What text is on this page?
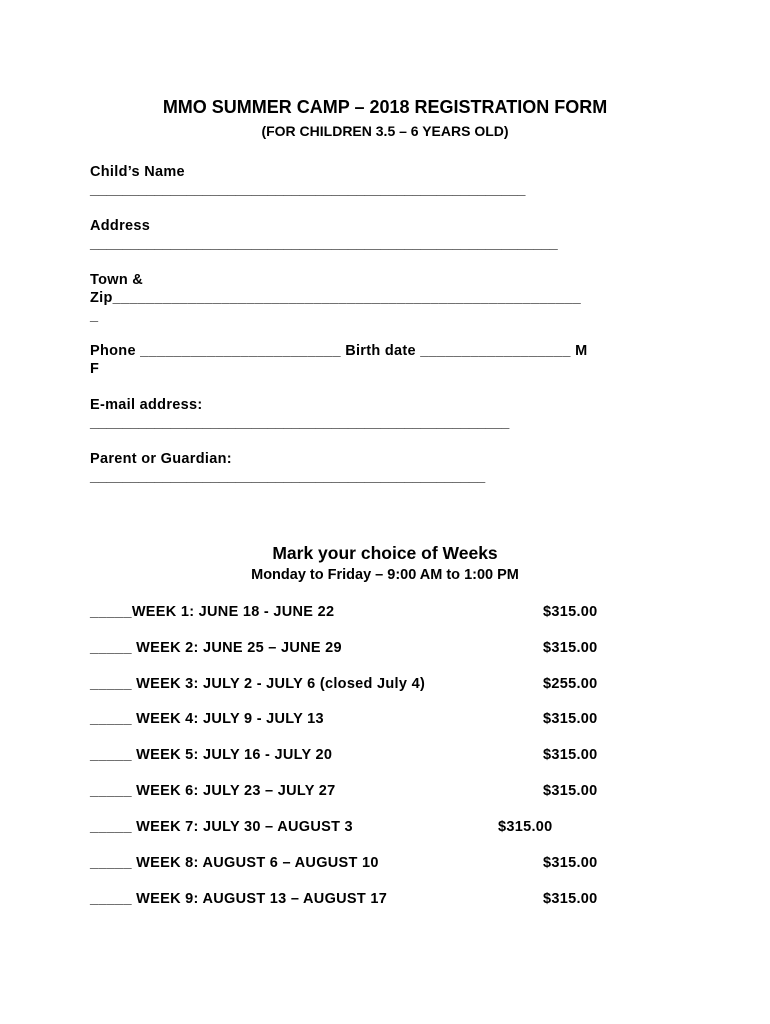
MMO SUMMER CAMP – 2018 REGISTRATION FORM
(FOR CHILDREN 3.5 – 6 YEARS OLD)
Child’s Name
______________________________________________________
Address
__________________________________________________________
Town &
Zip________________________________________________________
_
Phone ________________________ Birth date __________________ M
F
E-mail address:
____________________________________________________
Parent or Guardian:
_________________________________________________
Mark your choice of Weeks
Monday to Friday – 9:00 AM to 1:00 PM
_____WEEK 1: JUNE 18 - JUNE 22	$315.00
_____ WEEK 2: JUNE 25 – JUNE 29	$315.00
_____ WEEK 3: JULY 2 - JULY 6 (closed July 4)	$255.00
_____ WEEK 4: JULY 9 - JULY 13	$315.00
_____ WEEK 5: JULY 16 - JULY 20	$315.00
_____ WEEK 6: JULY 23 – JULY 27	$315.00
_____ WEEK 7: JULY 30 – AUGUST 3	$315.00
_____ WEEK 8: AUGUST 6 – AUGUST 10	$315.00
_____ WEEK 9: AUGUST 13 – AUGUST 17	$315.00
